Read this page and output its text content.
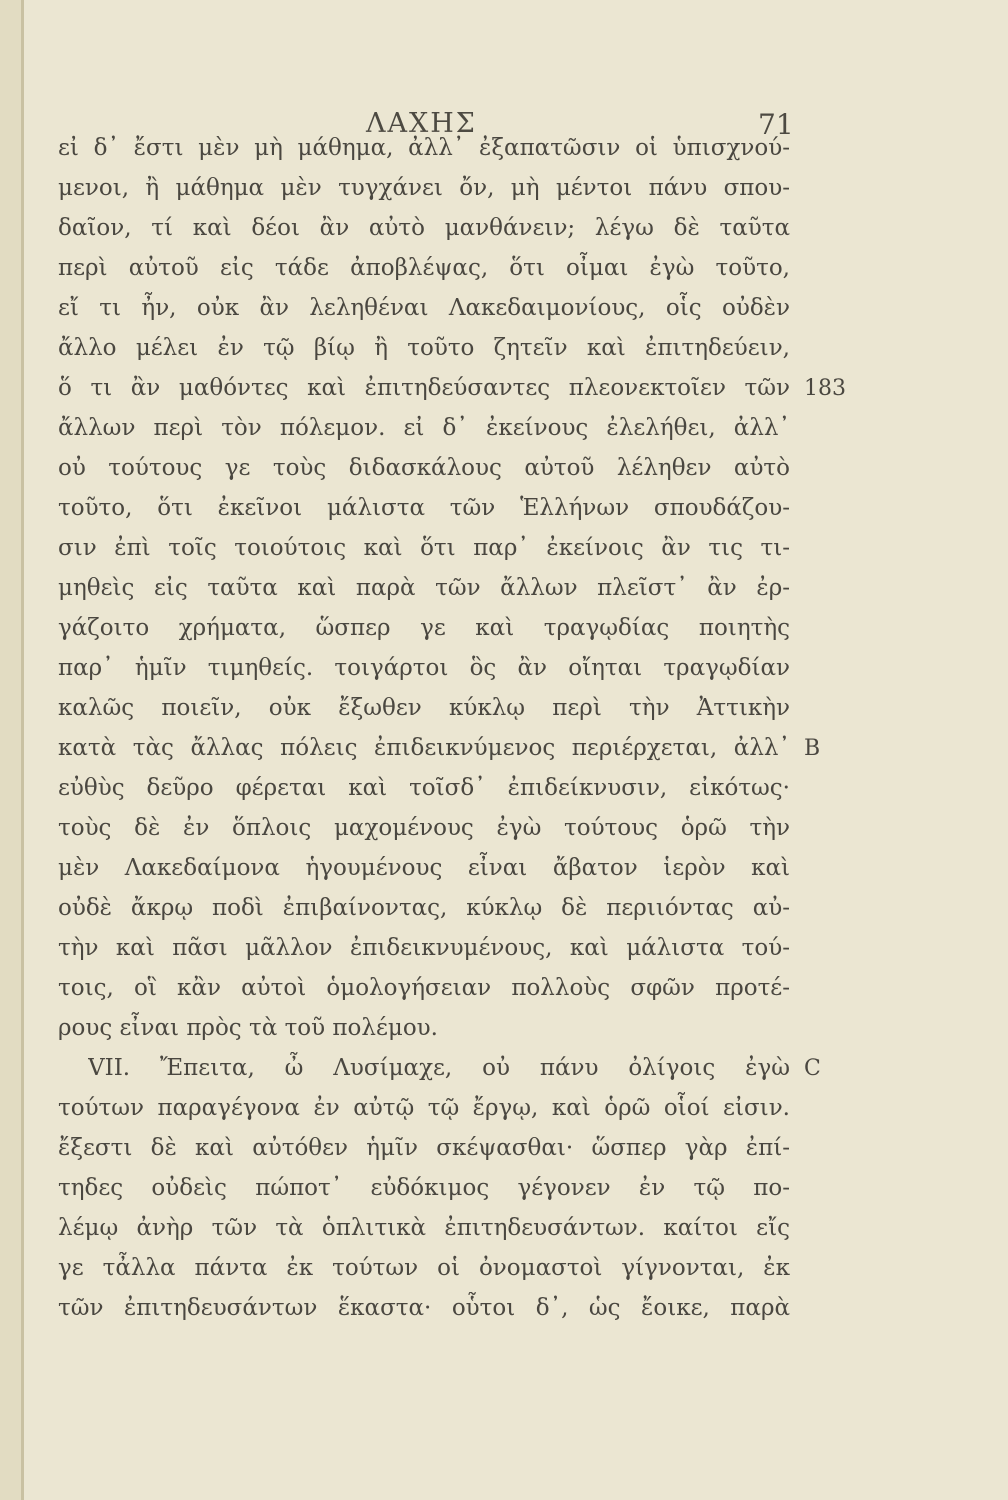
ΛΑΧΗΣ	71
εἰ δ᾽ ἔστι μὲν μὴ μάθημα, ἀλλ᾽ ἐξαπατῶσιν οἱ ὑπισχνού-
μενοι, ἢ μάθημα μὲν τυγχάνει ὄν, μὴ μέντοι πάνυ σπου-
δαῖον, τί καὶ δέοι ἂν αὐτὸ μανθάνειν; λέγω δὲ ταῦτα
περὶ αὐτοῦ εἰς τάδε ἀποβλέψας, ὅτι οἶμαι ἐγὼ τοῦτο,
εἴ τι ἦν, οὐκ ἂν λεληθέναι Λακεδαιμονίους, οἷς οὐδὲν
ἄλλο μέλει ἐν τῷ βίῳ ἢ τοῦτο ζητεῖν καὶ ἐπιτηδεύειν,
ὅ τι ἂν μαθόντες καὶ ἐπιτηδεύσαντες πλεονεκτοῖεν τῶν
ἄλλων περὶ τὸν πόλεμον. εἰ δ᾽ ἐκείνους ἐλελήθει, ἀλλ᾽
οὐ τούτους γε τοὺς διδασκάλους αὐτοῦ λέληθεν αὐτὸ
τοῦτο, ὅτι ἐκεῖνοι μάλιστα τῶν Ἑλλήνων σπουδάζου-
σιν ἐπὶ τοῖς τοιούτοις καὶ ὅτι παρ᾽ ἐκείνοις ἂν τις τι-
μηθεὶς εἰς ταῦτα καὶ παρὰ τῶν ἄλλων πλεῖστ᾽ ἂν ἐρ-
γάζοιτο χρήματα, ὥσπερ γε καὶ τραγῳδίας ποιητὴς
παρ᾽ ἡμῖν τιμηθείς. τοιγάρτοι ὃς ἂν οἴηται τραγῳδίαν
καλῶς ποιεῖν, οὐκ ἔξωθεν κύκλῳ περὶ τὴν Ἀττικὴν
κατὰ τὰς ἄλλας πόλεις ἐπιδεικνύμενος περιέρχεται, ἀλλ᾽
εὐθὺς δεῦρο φέρεται καὶ τοῖσδ᾽ ἐπιδείκνυσιν, εἰκότως·
τοὺς δὲ ἐν ὅπλοις μαχομένους ἐγὼ τούτους ὁρῶ τὴν
μὲν Λακεδαίμονα ἡγουμένους εἶναι ἄβατον ἱερὸν καὶ
οὐδὲ ἄκρῳ ποδὶ ἐπιβαίνοντας, κύκλῳ δὲ περιιόντας αὐ-
τὴν καὶ πᾶσι μᾶλλον ἐπιδεικνυμένους, καὶ μάλιστα τού-
τοις, οἳ κἂν αὐτοὶ ὁμολογήσειαν πολλοὺς σφῶν προτέ-
ρους εἶναι πρὸς τὰ τοῦ πολέμου.
VII. Ἔπειτα, ὦ Λυσίμαχε, οὐ πάνυ ὀλίγοις ἐγὼ
τούτων παραγέγονα ἐν αὐτῷ τῷ ἔργῳ, καὶ ὁρῶ οἷοί εἰσιν.
ἔξεστι δὲ καὶ αὐτόθεν ἡμῖν σκέψασθαι· ὥσπερ γὰρ ἐπί-
τηδες οὐδεὶς πώποτ᾽ εὐδόκιμος γέγονεν ἐν τῷ πο-
λέμῳ ἀνὴρ τῶν τὰ ὁπλιτικὰ ἐπιτηδευσάντων. καίτοι εἴς
γε τἆλλα πάντα ἐκ τούτων οἱ ὀνομαστοὶ γίγνονται, ἐκ
τῶν ἐπιτηδευσάντων ἕκαστα· οὗτοι δ᾽, ὡς ἔοικε, παρὰ
183
B
C
